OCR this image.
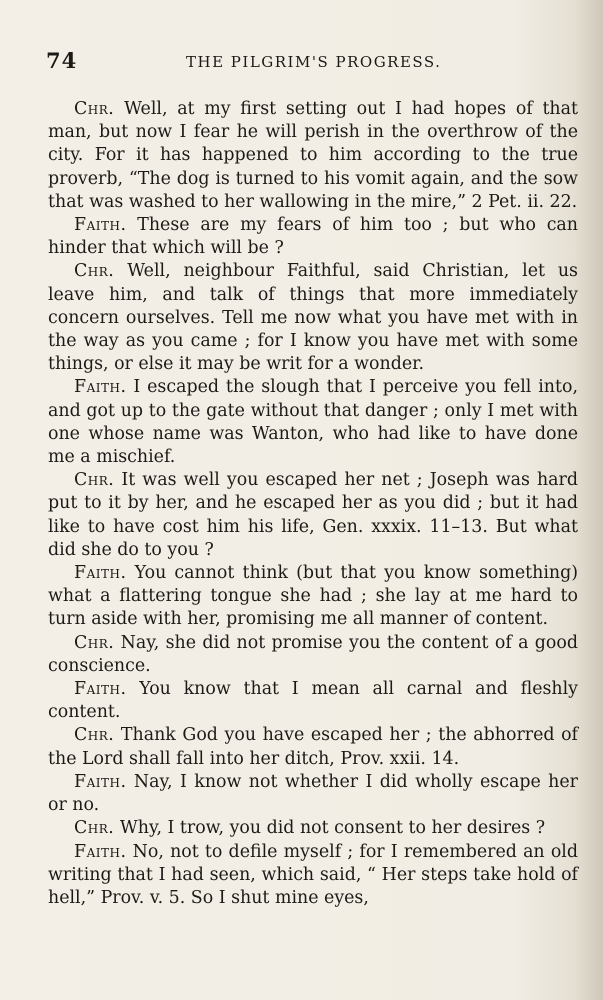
74	THE PILGRIM'S PROGRESS.

Chr. Well, at my first setting out I had hopes of that man, but now I fear he will perish in the overthrow of the city. For it has happened to him according to the true proverb, “The dog is turned to his vomit again, and the sow that was washed to her wallowing in the mire,” 2 Pet. ii. 22.

Faith. These are my fears of him too ; but who can hinder that which will be ?

Chr. Well, neighbour Faithful, said Christian, let us leave him, and talk of things that more immediately concern ourselves. Tell me now what you have met with in the way as you came ; for I know you have met with some things, or else it may be writ for a wonder.

Faith. I escaped the slough that I perceive you fell into, and got up to the gate without that danger ; only I met with one whose name was Wanton, who had like to have done me a mischief.

Chr. It was well you escaped her net ; Joseph was hard put to it by her, and he escaped her as you did ; but it had like to have cost him his life, Gen. xxxix. 11–13. But what did she do to you ?

Faith. You cannot think (but that you know something) what a flattering tongue she had ; she lay at me hard to turn aside with her, promising me all manner of content.

Chr. Nay, she did not promise you the content of a good conscience.

Faith. You know that I mean all carnal and fleshly content.

Chr. Thank God you have escaped her ; the abhorred of the Lord shall fall into her ditch, Prov. xxii. 14.

Faith. Nay, I know not whether I did wholly escape her or no.

Chr. Why, I trow, you did not consent to her desires ?

Faith. No, not to defile myself ; for I remembered an old writing that I had seen, which said, “ Her steps take hold of hell,” Prov. v. 5. So I shut mine eyes,
